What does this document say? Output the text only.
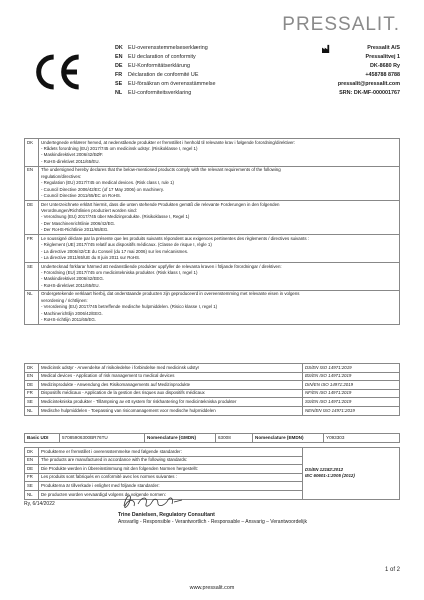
PRESSALIT.
DK EU-overensstemmelseserklæring
EN EU declaration of conformity
DE EU-Konformitätserklärung
FR Déclaration de conformité UE
SE EU-försäkran om överensstämmelse
NL EU-conformiteitsverklaring
Pressalit A/S
Pressalitvej 1
DK-8680 Ry
+458788 8788
pressalit@pressalit.com
SRN: DK-MF-000001767
DK	Undertegnede erklærer herved, at nedenstående produkter er fremstillet i henhold til relevante krav i følgende forordning/direktiver:
- Rådets forordning (EU) 2017/745 om medicinsk udstyr. (Risikoklasse I, regel 1)
- Maskindirektivet 2006/42/EØF.
- RoHS-direktivet 2011/65/EU.

EN	The undersigned hereby declares that the below-mentioned products comply with the relevant requirements of the following
regulation/directives:
- Regulation (EU) 2017/745 on medical devices. (Risk class I, rule 1)
- Council Directive 2006/42/EC (of 17 May 2006) on machinery.
- Council Directive 2011/65/EC on RoHS.

DE	Der Unterzeichnete erklärt hiermit, dass die unten stehende Produkten gemäß die relevante Forderungen in den folgenden
Verordnungen/Richtlinien produziert worden sind:
- Verordnung (EU) 2017/745 über Medizinprodukte. (Risikoklasse I, Regel 1)
- Der Maschinenrichtlinie 2006/42/EG.
- Der RoHS-Richtlinie 2011/65/EG.

FR	Le soussigné déclare par la présente que les produits suivants répondent aux exigences pertinentes des règlements / directives suivants :
- Règlement (UE) 2017/745 relatif aux dispositifs médicaux. (Classe de risque I, règle 1)
- La directive 2006/42/CE du Conseil (du 17 mai 2006) sur les mécanismes.
- La directive 2011/65/UE du 8 juin 2011 sur RoHS.

SE	Undertecknad förklarar härmed att nedanstående produkter uppfyller de relevanta kraven i följande förordningar / direktiven:
- Förordning (EU) 2017/745 om medicintekniska produkter. (Risk klass I, regel 1)
- Maskindirektivet 2006/42/EEG.
- RoHS-direktivet 2011/65/EU.

NL	Ondergetekende verklaart hierbij, dat onderstaande producten zijn geproduceerd in overeenstemming met relevante eisen in volgens
verordening / richtlijnen:
- Verordening (EU) 2017/745 betreffende medische hulpmiddelen. (Risico klasse I, regel 1)
- Machinerichtlijn 2006/42/EEG.
- RoHS-richtlijn 2011/65/EG.
DK	Medicinsk udstyr - Anvendelse af risikoledelse i forbindelse med medicinsk udstyr	DS/EN ISO 14971:2019
EN	Medical devices - Application of risk management to medical devices	BS/EN ISO 14971:2019
DE	Medizinprodukte - Anwendung des Risikomanagements auf Medizinprodukte	DIN/EN ISO 14971:2019
FR	Dispositifs médicaux - Application de la gestion des risques aux dispositifs médicaux	NF/EN ISO 14971:2019
SE	Medicintekniska produkter - Tillämpning av ett system för riskhantering för medicintekniska produkter	SS/EN ISO 14971:2019
NL	Medische hulpmiddelen - Toepassing van risicomanagement voor medische hulpmiddelen	NEN/EN ISO 14971:2019
Basic UDI	57085906300BR76TU	Nomenclature (GMDN)	63008	Nomenclature (EMDN)	Y093303
DK	Produkterne er fremstillet i overensstemmelse med følgende standarder:	DS/EN 12182:2012
IEC 60601-1:2005 (2012)

EN	The products are manufactured in accordance with the following standards:	
DE	Die Produkte werden in Übereinstimmung mit den folgenden Normen hergestellt:	
FR	Les produits sont fabriqués en conformité avec les normes suivantes :	
SE	Produkterna är tillverkade i enlighet med följande standarder:	
NL	De producten worden vervaardigd volgens de volgende normen:	
Ry, 6/14/2022
Trine Danielsen, Regulatory Consultant
Ansvarlig - Responsible - Verantwortlich - Responsable – Ansvarig – Verantwoordelijk
1 of 2
www.pressalit.com
